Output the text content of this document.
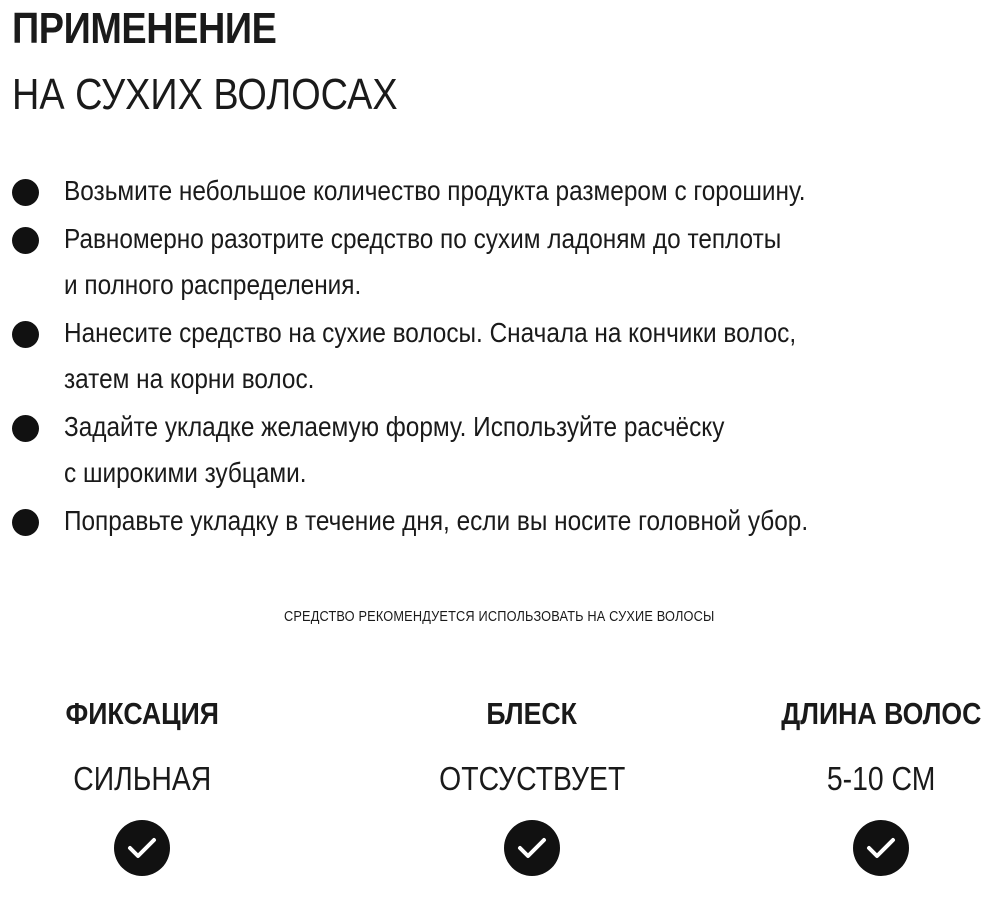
ПРИМЕНЕНИЕ
НА СУХИХ ВОЛОСАХ
Возьмите небольшое количество продукта размером с горошину.
Равномерно разотрите средство по сухим ладоням до теплоты
и полного распределения.
Нанесите средство на сухие волосы. Сначала на кончики волос,
затем на корни волос.
Задайте укладке желаемую форму. Используйте расчёску
с широкими зубцами.
Поправьте укладку в течение дня, если вы носите головной убор.
СРЕДСТВО РЕКОМЕНДУЕТСЯ ИСПОЛЬЗОВАТЬ НА СУХИЕ ВОЛОСЫ
ФИКСАЦИЯ
СИЛЬНАЯ
БЛЕСК
ОТСУСТВУЕТ
ДЛИНА ВОЛОС
5-10 СМ
